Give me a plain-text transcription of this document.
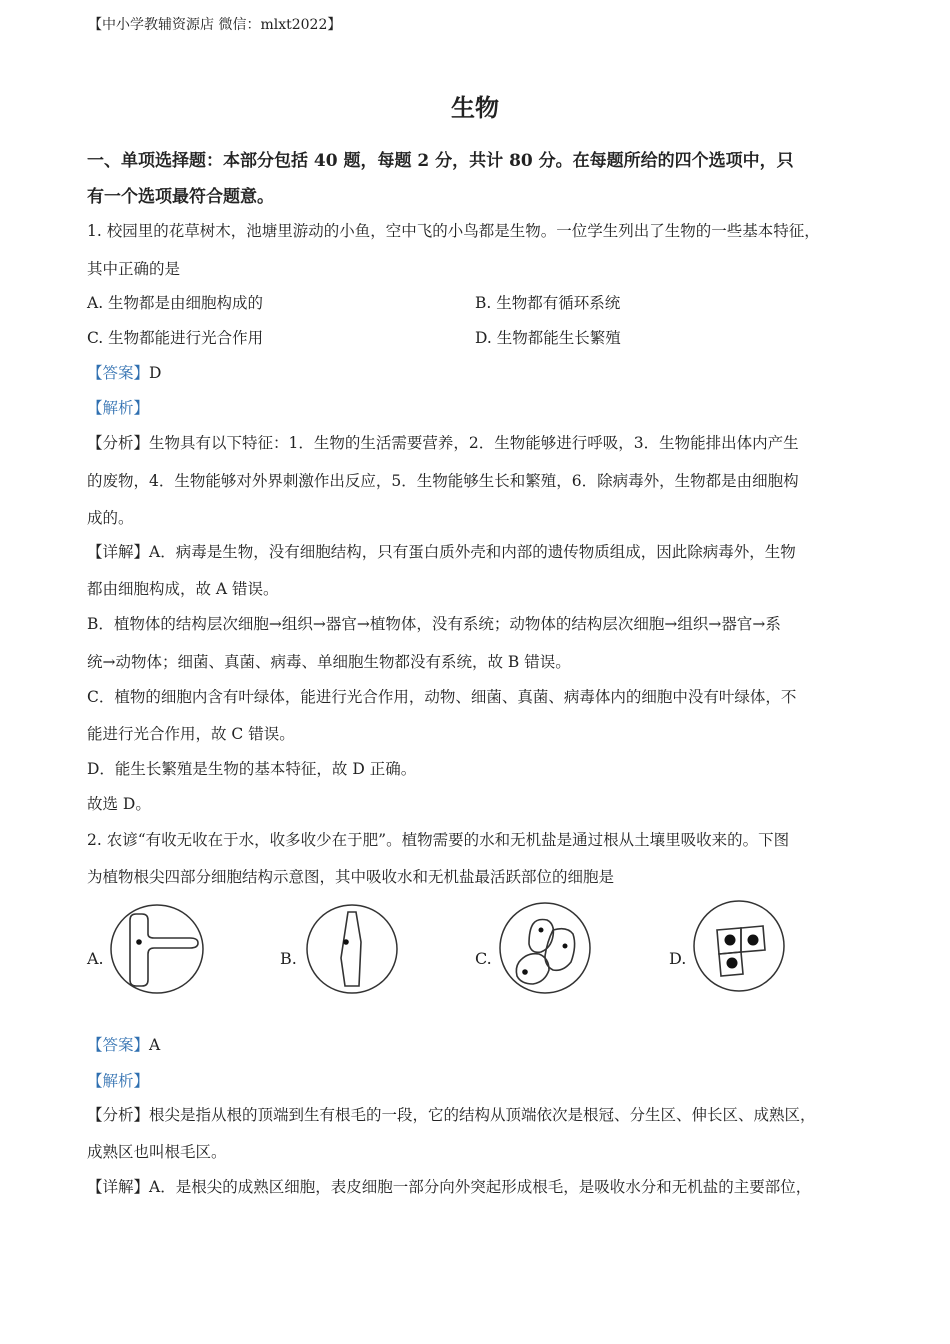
【中小学教辅资源店 微信：mlxt2022】
生物
一、单项选择题：本部分包括 40 题，每题 2 分，共计 80 分。在每题所给的四个选项中，只
有一个选项最符合题意。
1. 校园里的花草树木，池塘里游动的小鱼，空中飞的小鸟都是生物。一位学生列出了生物的一些基本特征，
其中正确的是
A. 生物都是由细胞构成的	B. 生物都有循环系统
C. 生物都能进行光合作用	D. 生物都能生长繁殖
【答案】D
【解析】
【分析】生物具有以下特征：1．生物的生活需要营养，2．生物能够进行呼吸，3．生物能排出体内产生
的废物，4．生物能够对外界刺激作出反应，5．生物能够生长和繁殖，6．除病毒外，生物都是由细胞构
成的。
【详解】A．病毒是生物，没有细胞结构，只有蛋白质外壳和内部的遗传物质组成，因此除病毒外，生物
都由细胞构成，故 A 错误。
B．植物体的结构层次细胞→组织→器官→植物体，没有系统；动物体的结构层次细胞→组织→器官→系
统→动物体；细菌、真菌、病毒、单细胞生物都没有系统，故 B 错误。
C．植物的细胞内含有叶绿体，能进行光合作用，动物、细菌、真菌、病毒体内的细胞中没有叶绿体，不
能进行光合作用，故 C 错误。
D．能生长繁殖是生物的基本特征，故 D 正确。
故选 D。
2. 农谚“有收无收在于水，收多收少在于肥”。植物需要的水和无机盐是通过根从土壤里吸收来的。下图
为植物根尖四部分细胞结构示意图，其中吸收水和无机盐最活跃部位的细胞是
A.	B.	C.	D.
【答案】A
【解析】
【分析】根尖是指从根的顶端到生有根毛的一段，它的结构从顶端依次是根冠、分生区、伸长区、成熟区，
成熟区也叫根毛区。
【详解】A．是根尖的成熟区细胞，表皮细胞一部分向外突起形成根毛，是吸收水分和无机盐的主要部位，
